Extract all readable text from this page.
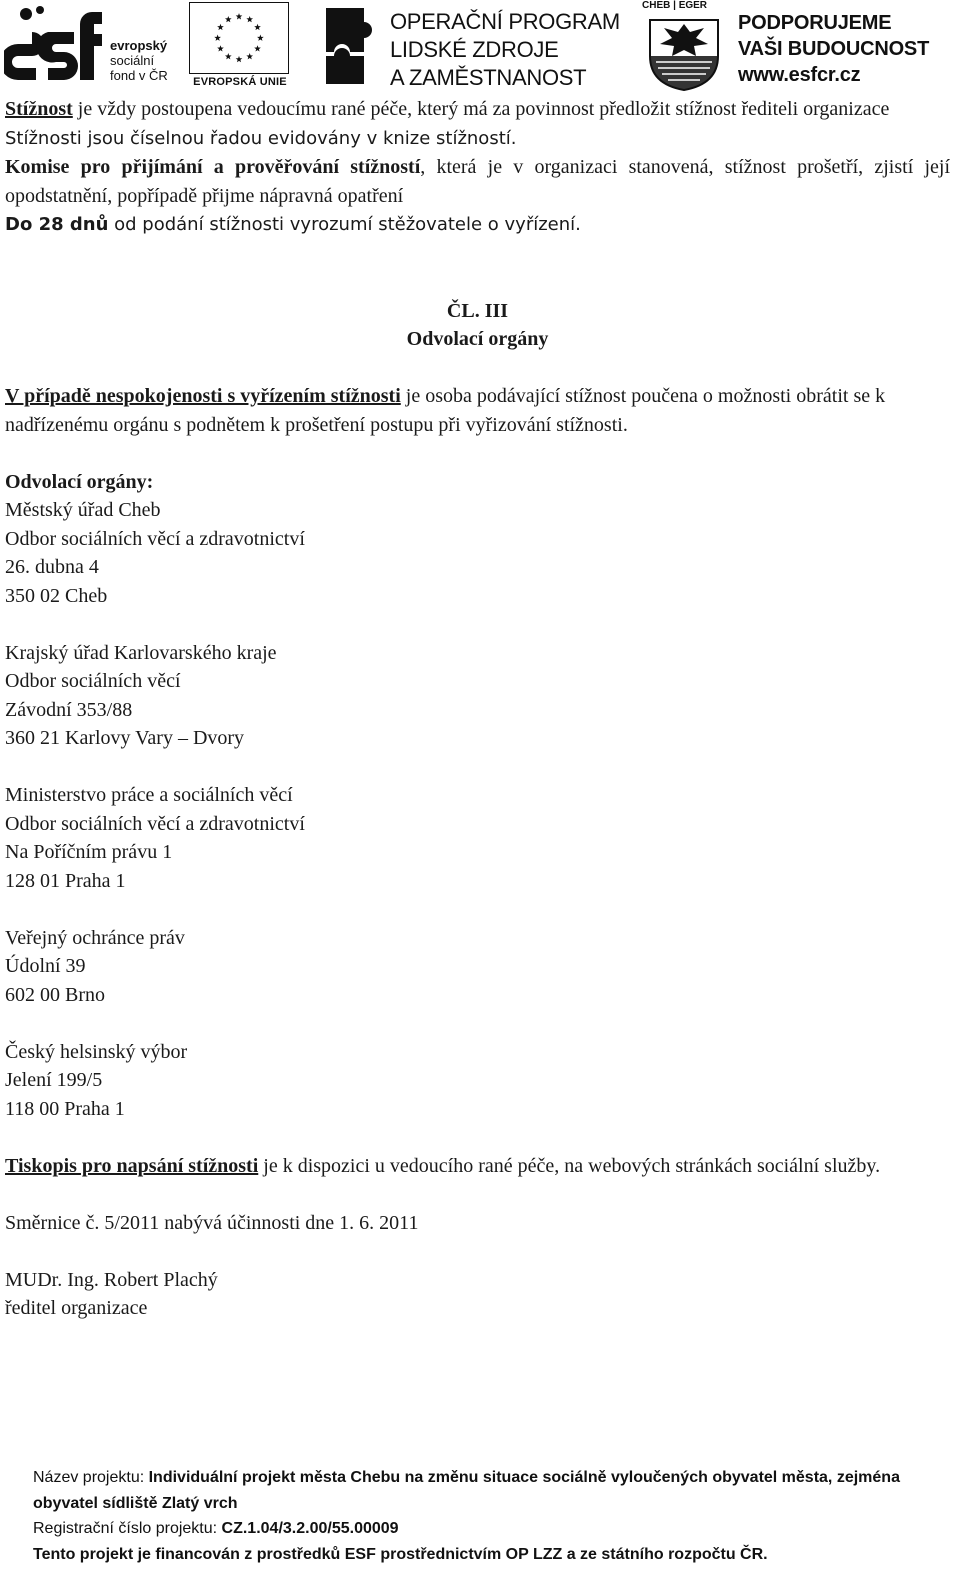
evropský
sociální
fond v ČR	EVROPSKÁ UNIE
OPERAČNÍ PROGRAM
LIDSKÉ ZDROJE
A ZAMĚSTNANOST
CHEB | EGER
PODPORUJEME
VAŠI BUDOUCNOST
www.esfcr.cz

Stížnost je vždy postoupena vedoucímu rané péče, který má za povinnost předložit stížnost řediteli organizace

Stížnosti jsou číselnou řadou evidovány v knize stížností.

Komise pro přijímání a prověřování stížností, která je v organizaci stanovená, stížnost prošetří, zjistí její opodstatnění, popřípadě přijme nápravná opatření

Do 28 dnů od podání stížnosti vyrozumí stěžovatele o vyřízení.

ČL. III

Odvolací orgány

V případě nespokojenosti s vyřízením stížnosti je osoba podávající stížnost poučena o možnosti obrátit se k nadřízenému orgánu s podnětem k prošetření postupu při vyřizování stížnosti.

Odvolací orgány:

Městský úřad Cheb

Odbor sociálních věcí a zdravotnictví

26. dubna 4

350 02 Cheb

Krajský úřad Karlovarského kraje

Odbor sociálních věcí

Závodní 353/88

360 21 Karlovy Vary – Dvory

Ministerstvo práce a sociálních věcí

Odbor sociálních věcí a zdravotnictví

Na Poříčním právu 1

128 01 Praha 1

Veřejný ochránce práv

Údolní 39

602 00 Brno

Český helsinský výbor

Jelení 199/5

118 00 Praha 1

Tiskopis pro napsání stížnosti je k dispozici u vedoucího rané péče, na webových stránkách sociální služby.

Směrnice č. 5/2011 nabývá účinnosti dne 1. 6. 2011

MUDr. Ing. Robert Plachý

ředitel organizace

Název projektu: Individuální projekt města Chebu na změnu situace sociálně vyloučených obyvatel města, zejména obyvatel sídliště Zlatý vrch

Registrační číslo projektu: CZ.1.04/3.2.00/55.00009

Tento projekt je financován z prostředků ESF prostřednictvím OP LZZ a ze státního rozpočtu ČR.
